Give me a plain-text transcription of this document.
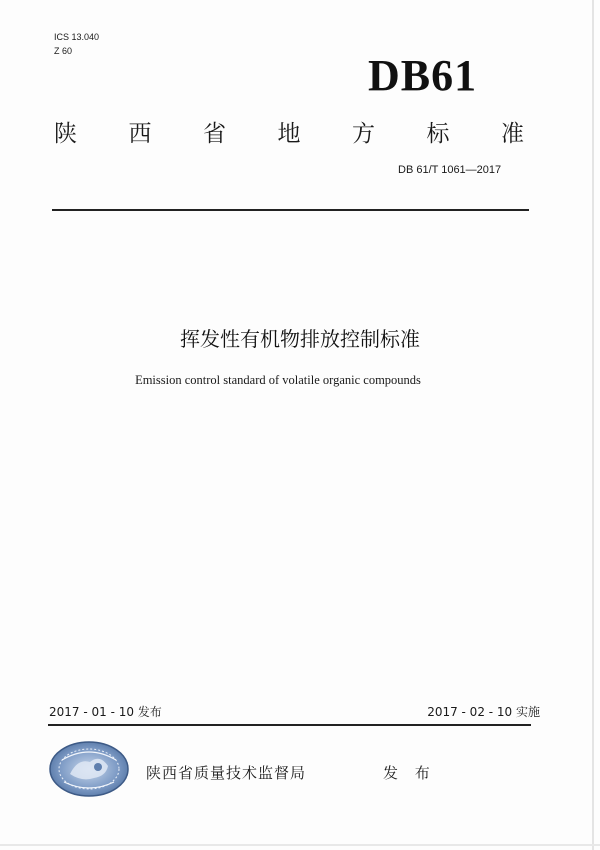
ICS 13.040
Z 60	DB61
陕 西 省 地 方 标 准
DB 61/T 1061—2017
挥发性有机物排放控制标准
Emission control standard of volatile organic compounds
2017 - 01 - 10 发布	2017 - 02 - 10 实施
陕西省质量技术监督局	发 布
